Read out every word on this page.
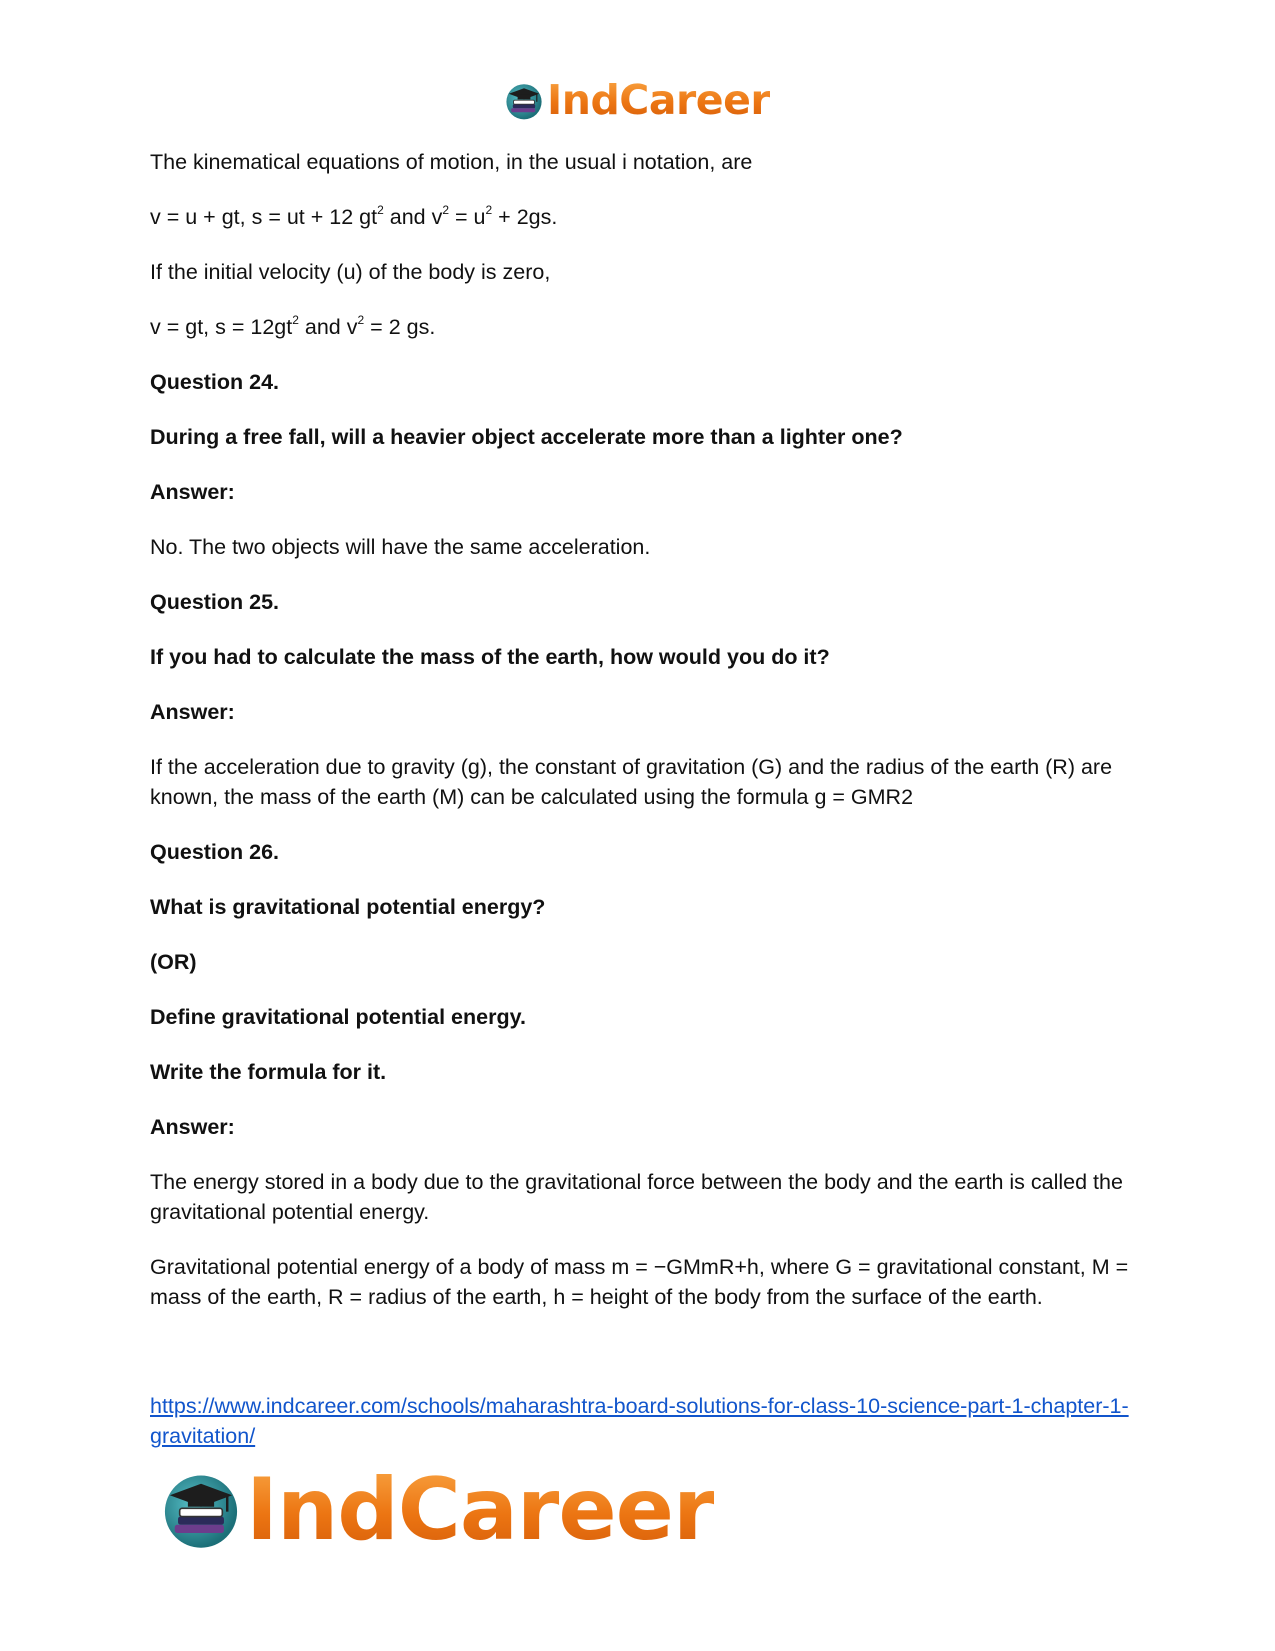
IndCareer

The kinematical equations of motion, in the usual i notation, are

v = u + gt, s = ut + 12 $gt^2$ and $v^2 = u^2 + 2gs$.

If the initial velocity (u) of the body is zero,

v = gt, $s = 12gt^2$ and $v^2 = 2$ gs.

Question 24.

During a free fall, will a heavier object accelerate more than a lighter one?

Answer:

No. The two objects will have the same acceleration.

Question 25.

If you had to calculate the mass of the earth, how would you do it?

Answer:

If the acceleration due to gravity (g), the constant of gravitation (G) and the radius of the earth (R) are known, the mass of the earth (M) can be calculated using the formula g = GMR2

Question 26.

What is gravitational potential energy?

(OR)

Define gravitational potential energy.

Write the formula for it.

Answer:

The energy stored in a body due to the gravitational force between the body and the earth is called the gravitational potential energy.

Gravitational potential energy of a body of mass m = −GMmR+h, where G = gravitational constant, M = mass of the earth, R = radius of the earth, h = height of the body from the surface of the earth.

https://www.indcareer.com/schools/maharashtra-board-solutions-for-class-10-science-part-1-chapter-1-gravitation/
IndCareer
